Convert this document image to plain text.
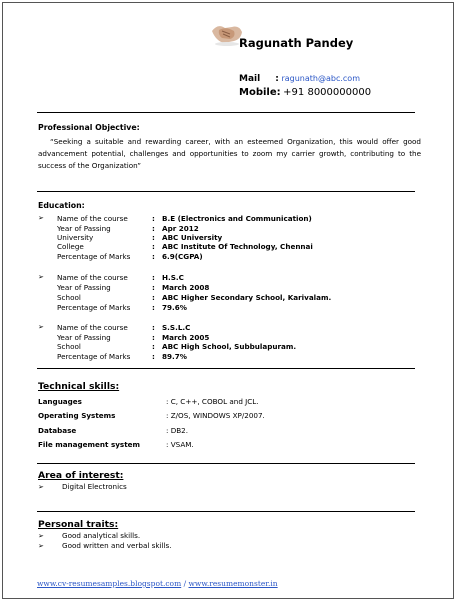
Ragunath Pandey
Mail : ragunath@abc.com
Mobile: +91 8000000000
Professional Objective:
“Seeking a suitable and rewarding career, with an esteemed Organization, this would offer good advancement potential, challenges and opportunities to zoom my carrier growth, contributing to the success of the Organization”
Education:
➢ Name of the course	: B.E (Electronics and Communication)
Year of Passing	: Apr 2012
University	: ABC University
College	: ABC Institute Of Technology, Chennai
Percentage of Marks	: 6.9(CGPA)
➢ Name of the course	: H.S.C
Year of Passing	: March 2008
School	: ABC Higher Secondary School, Karivalam.
Percentage of Marks	: 79.6%
➢ Name of the course	: S.S.L.C
Year of Passing	: March 2005
School	: ABC High School, Subbulapuram.
Percentage of Marks	: 89.7%
Technical skills:
Languages	: C, C++, COBOL and JCL.
Operating Systems	: Z/OS, WINDOWS XP/2007.
Database	: DB2.
File management system	: VSAM.
Area of interest:
➢	Digital Electronics
Personal traits:
➢	Good analytical skills.
➢	Good written and verbal skills.
www.cv-resumesamples.blogspot.com / www.resumemonster.in
